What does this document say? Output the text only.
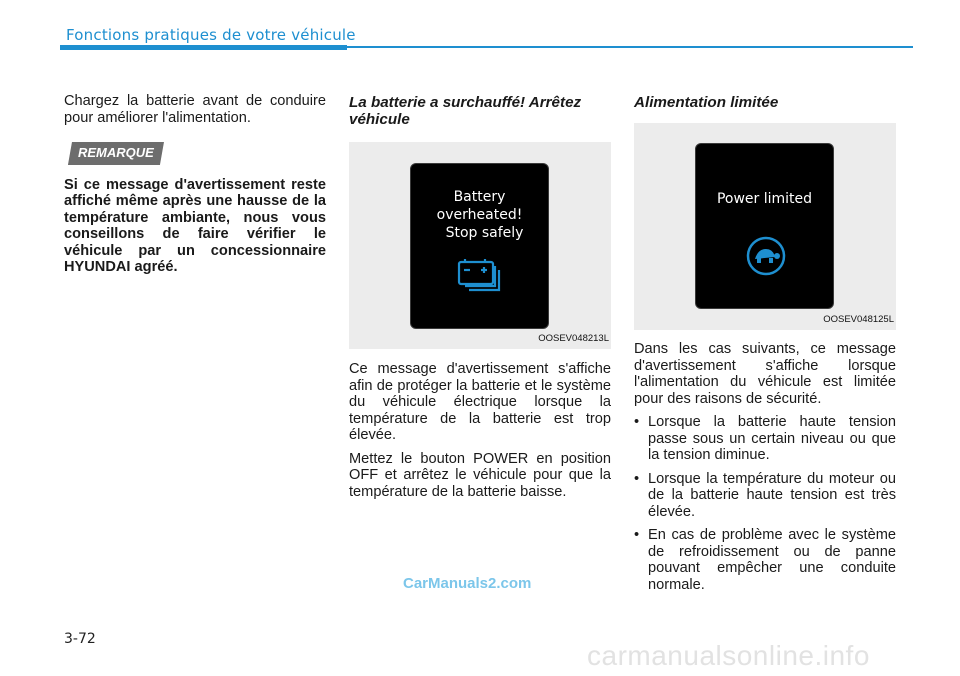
Fonctions pratiques de votre véhicule

Chargez la batterie avant de conduire pour améliorer l'alimentation.

REMARQUE

Si ce message d'avertissement reste affiché même après une hausse de la température ambiante, nous vous conseillons de faire vérifier le véhicule par un concessionnaire HYUNDAI agréé.

La batterie a surchauffé! Arrêtez véhicule

Battery
overheated!
Stop safely
OOSEV048213L

Ce message d'avertissement s'affiche afin de protéger la batterie et le système du véhicule électrique lorsque la température de la batterie est trop élevée.

Mettez le bouton POWER en position OFF et arrêtez le véhicule pour que la température de la batterie baisse.

Alimentation limitée

Power limited
OOSEV048125L

Dans les cas suivants, ce message d'avertissement s'affiche lorsque l'alimentation du véhicule est limitée pour des raisons de sécurité.

• Lorsque la batterie haute tension passe sous un certain niveau ou que la tension diminue.
• Lorsque la température du moteur ou de la batterie haute tension est très élevée.
• En cas de problème avec le système de refroidissement ou de panne pouvant empêcher une conduite normale.
CarManuals2.com
3-72
carmanualsonline.info
